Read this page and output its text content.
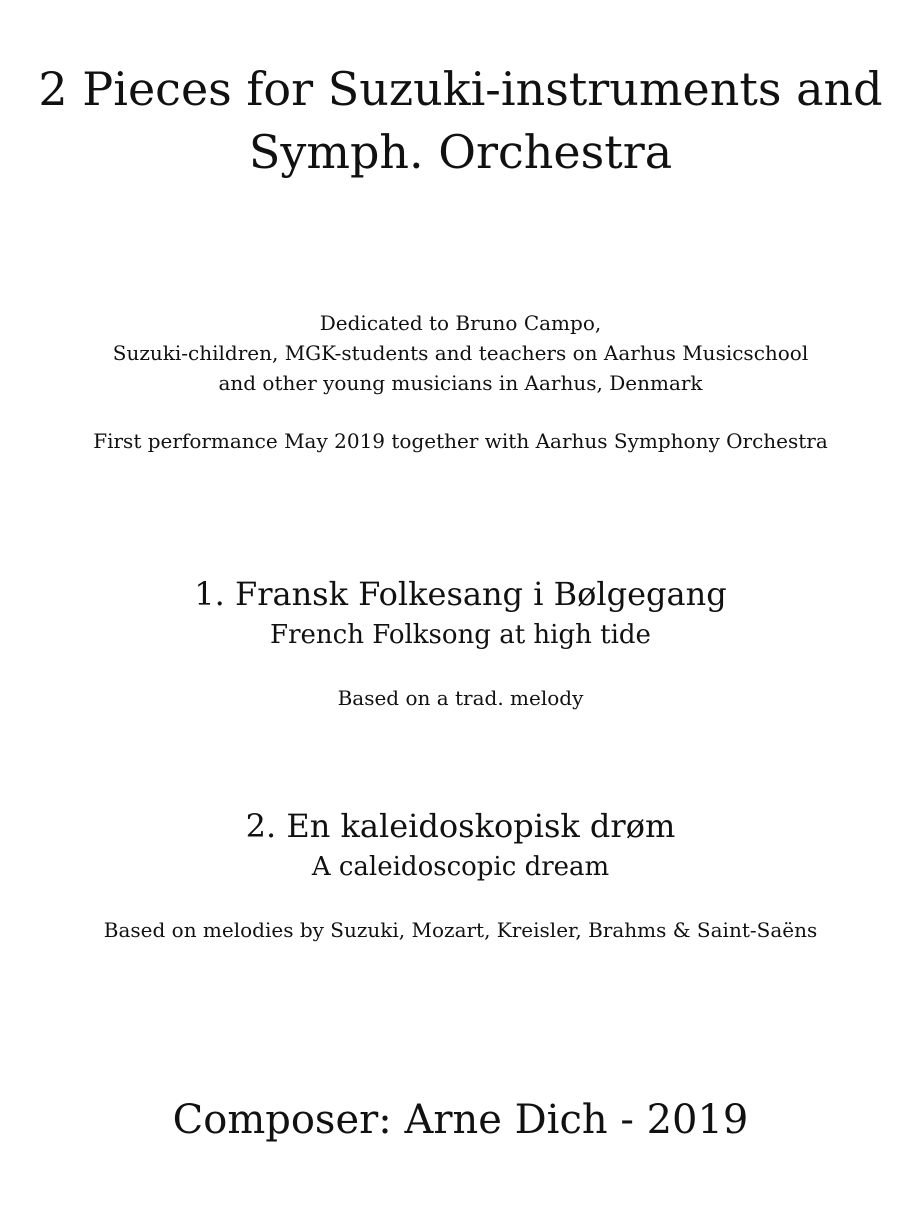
2 Pieces for Suzuki-instruments and
Symph. Orchestra
Dedicated to Bruno Campo,
Suzuki-children, MGK-students and teachers on Aarhus Musicschool
and other young musicians in Aarhus, Denmark
First performance May 2019 together with Aarhus Symphony Orchestra
1. Fransk Folkesang i Bølgegang
French Folksong at high tide
Based on a trad. melody
2. En kaleidoskopisk drøm
A caleidoscopic dream
Based on melodies by Suzuki, Mozart, Kreisler, Brahms & Saint-Saëns
Composer: Arne Dich - 2019
